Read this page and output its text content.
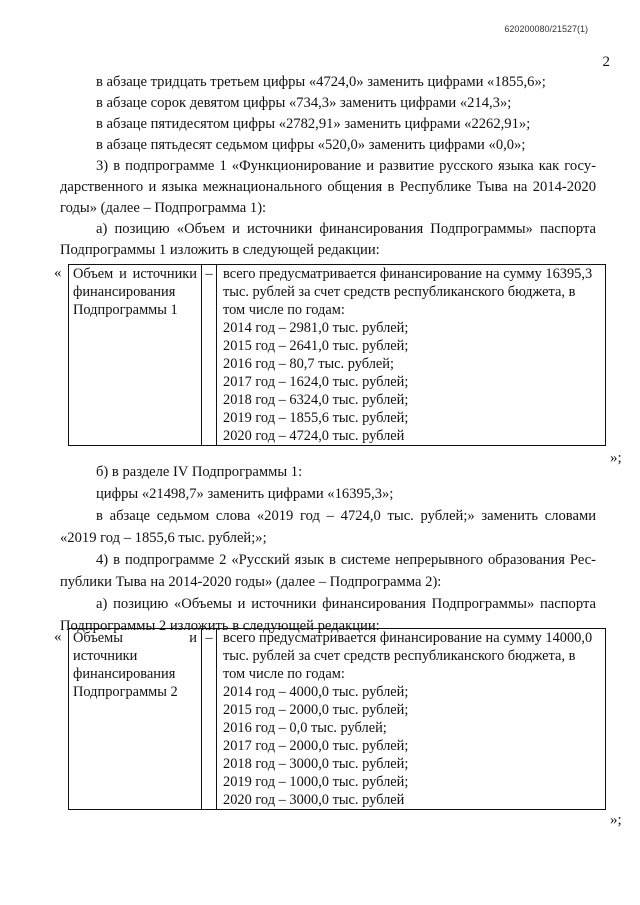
620200080/21527(1)
2
в абзаце тридцать третьем цифры «4724,0» заменить цифрами «1855,6»;
в абзаце сорок девятом цифры «734,3» заменить цифрами «214,3»;
в абзаце пятидесятом цифры «2782,91» заменить цифрами «2262,91»;
в абзаце пятьдесят седьмом цифры «520,0» заменить цифрами «0,0»;
3) в подпрограмме 1 «Функционирование и развитие русского языка как госу-
дарственного и языка межнационального общения в Республике Тыва на 2014-2020
годы» (далее – Подпрограмма 1):
а) позицию «Объем и источники финансирования Подпрограммы» паспорта
Подпрограммы 1 изложить в следующей редакции:
« Объем и источники финансирования Подпрограммы 1	–	всего предусматривается финансирование на сумму 16395,3 тыс. рублей за счет средств республиканского бюджета, в том числе по годам:
2014 год – 2981,0 тыс. рублей;
2015 год – 2641,0 тыс. рублей;
2016 год – 80,7 тыс. рублей;
2017 год – 1624,0 тыс. рублей;
2018 год – 6324,0 тыс. рублей;
2019 год – 1855,6 тыс. рублей;
2020 год – 4724,0 тыс. рублей
»;
б) в разделе IV Подпрограммы 1:
цифры «21498,7» заменить цифрами «16395,3»;
в абзаце седьмом слова «2019 год – 4724,0 тыс. рублей;» заменить словами
«2019 год – 1855,6 тыс. рублей;»;
4) в подпрограмме 2 «Русский язык в системе непрерывного образования Рес-
публики Тыва на 2014-2020 годы» (далее – Подпрограмма 2):
а) позицию «Объемы и источники финансирования Подпрограммы» паспорта
Подпрограммы 2 изложить в следующей редакции:
« Объемы и источники финансирования Подпрограммы 2	–	всего предусматривается финансирование на сумму 14000,0 тыс. рублей за счет средств республиканского бюджета, в том числе по годам:
2014 год – 4000,0 тыс. рублей;
2015 год – 2000,0 тыс. рублей;
2016 год – 0,0 тыс. рублей;
2017 год – 2000,0 тыс. рублей;
2018 год – 3000,0 тыс. рублей;
2019 год – 1000,0 тыс. рублей;
2020 год – 3000,0 тыс. рублей
»;
